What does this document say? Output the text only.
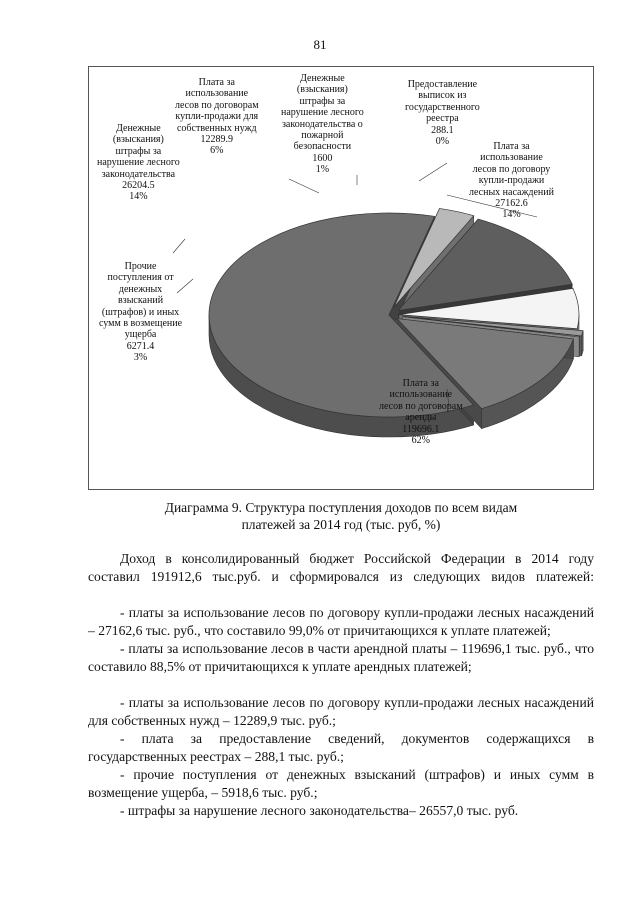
81
Плата за
использование
лесов по договорам
аренды
119696.1
62%
Прочие
поступления от
денежных
взысканий
(штрафов) и иных
сумм в возмещение
ущерба
6271.4
3%
Денежные
(взыскания)
штрафы за
нарушение лесного
законодательства
26204.5
14%
Плата за
использование
лесов по договорам
купли-продажи для
собственных нужд
12289.9
6%
Денежные
(взыскания)
штрафы за
нарушение лесного
законодательства о
пожарной
безопасности
1600
1%
Предоставление
выписок из
государственного
реестра
288.1
0%	Плата за
использование
лесов по договору
купли-продажи
лесных насаждений
27162.6
14%
Диаграмма 9. Структура поступления доходов по всем видам
платежей за 2014 год (тыс. руб, %)

Доход в консолидированный бюджет Российской Федерации в 2014 году составил 191912,6 тыс.руб. и сформировался из следующих видов платежей:

- платы за использование лесов по договору купли-продажи лесных насаждений – 27162,6 тыс. руб., что составило 99,0% от причитающихся к уплате платежей;

- платы за использование лесов в части арендной платы – 119696,1 тыс. руб., что составило 88,5% от причитающихся к уплате арендных платежей;

- платы за использование лесов по договору купли-продажи лесных насаждений для собственных нужд – 12289,9 тыс. руб.;

- плата за предоставление сведений, документов содержащихся в государственных реестрах – 288,1 тыс. руб.;

- прочие поступления от денежных взысканий (штрафов) и иных сумм в возмещение ущерба, – 5918,6 тыс. руб.;

- штрафы за нарушение лесного законодательства– 26557,0 тыс. руб.
